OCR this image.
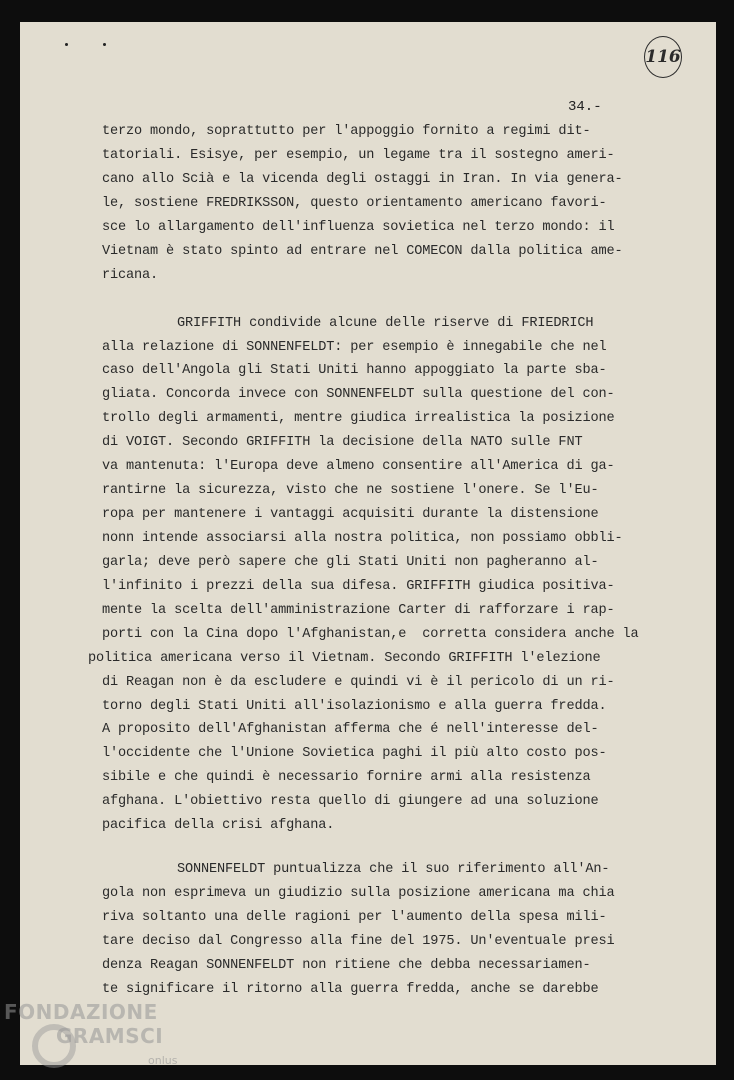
116
34.-
terzo mondo, soprattutto per l'appoggio fornito a regimi dit-
tatoriali. Esisye, per esempio, un legame tra il sostegno ameri-
cano allo Scià e la vicenda degli ostaggi in Iran. In via genera-
le, sostiene FREDRIKSSON, questo orientamento americano favori-
sce lo allargamento dell'influenza sovietica nel terzo mondo: il
Vietnam è stato spinto ad entrare nel COMECON dalla politica ame-
ricana.
GRIFFITH condivide alcune delle riserve di FRIEDRICH
alla relazione di SONNENFELDT: per esempio è innegabile che nel
caso dell'Angola gli Stati Uniti hanno appoggiato la parte sba-
gliata. Concorda invece con SONNENFELDT sulla questione del con-
trollo degli armamenti, mentre giudica irrealistica la posizione
di VOIGT. Secondo GRIFFITH la decisione della NATO sulle FNT
va mantenuta: l'Europa deve almeno consentire all'America di ga-
rantirne la sicurezza, visto che ne sostiene l'onere. Se l'Eu-
ropa per mantenere i vantaggi acquisiti durante la distensione
nonn intende associarsi alla nostra politica, non possiamo obbli-
garla; deve però sapere che gli Stati Uniti non pagheranno al-
l'infinito i prezzi della sua difesa. GRIFFITH giudica positiva-
mente la scelta dell'amministrazione Carter di rafforzare i rap-
porti con la Cina dopo l'Afghanistan,e  corretta considera anche la
politica americana verso il Vietnam. Secondo GRIFFITH l'elezione
di Reagan non è da escludere e quindi vi è il pericolo di un ri-
torno degli Stati Uniti all'isolazionismo e alla guerra fredda.
A proposito dell'Afghanistan afferma che é nell'interesse del-
l'occidente che l'Unione Sovietica paghi il più alto costo pos-
sibile e che quindi è necessario fornire armi alla resistenza
afghana. L'obiettivo resta quello di giungere ad una soluzione
pacifica della crisi afghana.
SONNENFELDT puntualizza che il suo riferimento all'An-
gola non esprimeva un giudizio sulla posizione americana ma chia
riva soltanto una delle ragioni per l'aumento della spesa mili-
tare deciso dal Congresso alla fine del 1975. Un'eventuale presi
denza Reagan SONNENFELDT non ritiene che debba necessariamen-
te significare il ritorno alla guerra fredda, anche se darebbe
FONDAZIONE
GRAMSCI
onlus
